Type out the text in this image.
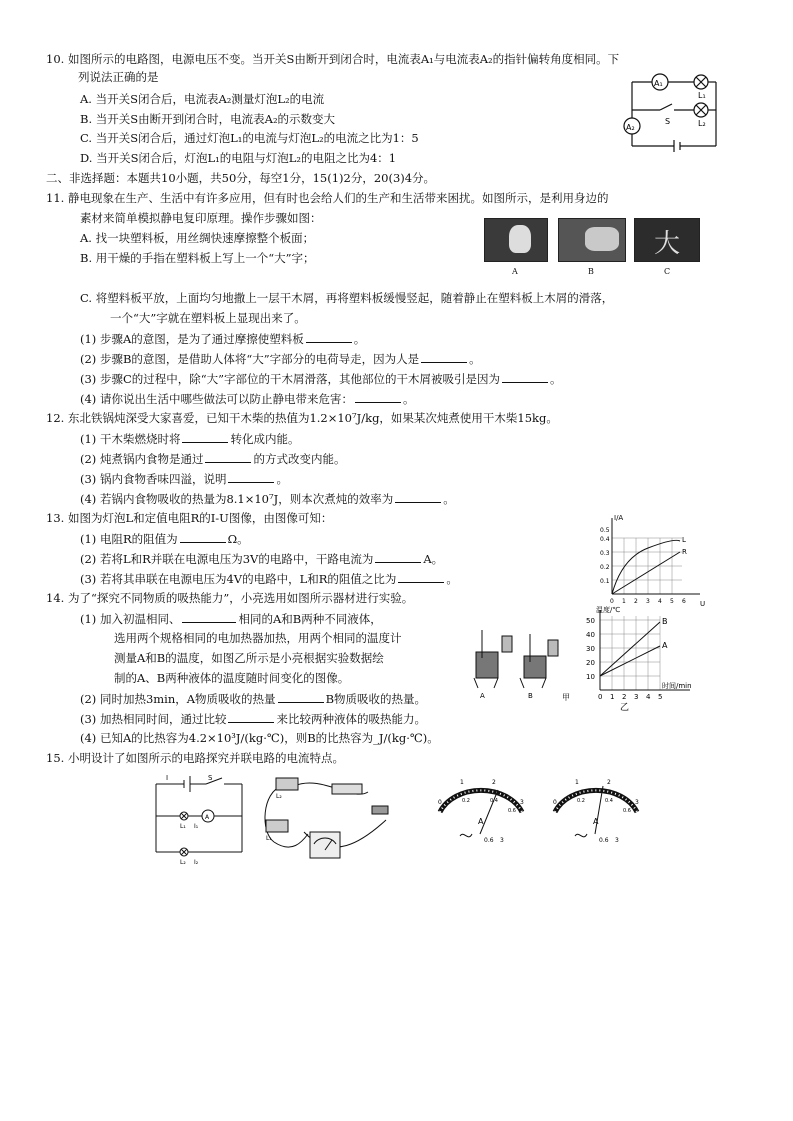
10. 如图所示的电路图，电源电压不变。当开关S由断开到闭合时，电流表A₁与电流表A₂的指针偏转角度相同。下
列说法正确的是
A. 当开关S闭合后，电流表A₂测量灯泡L₂的电流
B. 当开关S由断开到闭合时，电流表A₂的示数变大
C. 当开关S闭合后，通过灯泡L₁的电流与灯泡L₂的电流之比为1：5
D. 当开关S闭合后，灯泡L₁的电阻与灯泡L₂的电阻之比为4：1
A₁
A₂
L₁
L₂
S
二、非选择题：本题共10小题，共50分，每空1分，15(1)2分，20(3)4分。
11. 静电现象在生产、生活中有许多应用，但有时也会给人们的生产和生活带来困扰。如图所示，是利用身边的
素材来简单模拟静电复印原理。操作步骤如图：
A. 找一块塑料板，用丝绸快速摩擦整个板面；
B. 用干燥的手指在塑料板上写上一个“大”字；	大
A	B	C
C. 将塑料板平放，上面均匀地撒上一层干木屑，再将塑料板缓慢竖起，随着静止在塑料板上木屑的滑落，
一个“大”字就在塑料板上显现出来了。
(1) 步骤A的意图，是为了通过摩擦使塑料板	。
(2) 步骤B的意图，是借助人体将“大”字部分的电荷导走，因为人是	。
(3) 步骤C的过程中，除“大”字部位的干木屑滑落，其他部位的干木屑被吸引是因为	。
(4) 请你说出生活中哪些做法可以防止静电带来危害：	。
12. 东北铁锅炖深受大家喜爱，已知干木柴的热值为1.2×10⁷J/kg，如果某次炖煮使用干木柴15kg。
(1) 干木柴燃烧时将	转化成内能。
(2) 炖煮锅内食物是通过	的方式改变内能。
(3) 锅内食物香味四溢，说明	。
(4) 若锅内食物吸收的热量为8.1×10⁷J，则本次煮炖的效率为	。
13. 如图为灯泡L和定值电阻R的I-U图像，由图像可知：
(1) 电阻R的阻值为	Ω。
(2) 若将L和R并联在电源电压为3V的电路中，干路电流为	A。
(3) 若将其串联在电源电压为4V的电路中，L和R的阻值之比为	。
I/A
U
0.5
0.4
0.3
0.2
0.1
0 1 2 3 4 5 6
L
R
14. 为了“探究不同物质的吸热能力”，小亮选用如图所示器材进行实验。
(1) 加入初温相同、	相同的A和B两种不同液体，
选用两个规格相同的电加热器加热，用两个相同的温度计
测量A和B的温度，如图乙所示是小亮根据实验数据绘
制的A、B两种液体的温度随时间变化的图像。
(2) 同时加热3min，A物质吸收的热量	B物质吸收的热量。
(3) 加热相同时间，通过比较	来比较两种液体的吸热能力。
(4) 已知A的比热容为4.2×10³J/(kg·℃)，则B的比热容为_J/(kg·℃)。
A	B	甲
温度/℃
时间/min
50
40
30
20
10
0 1 2 3 4 5
B
A
乙
15. 小明设计了如图所示的电路探究并联电路的电流特点。
I	S
A
L₁
L₂
I₁
I₂
L₂
L₁
0
1	2
3
0.2	0.4
0.6
A
0.6 3
0
1	2
3
0.2	0.4
0.6
A
0.6 3
